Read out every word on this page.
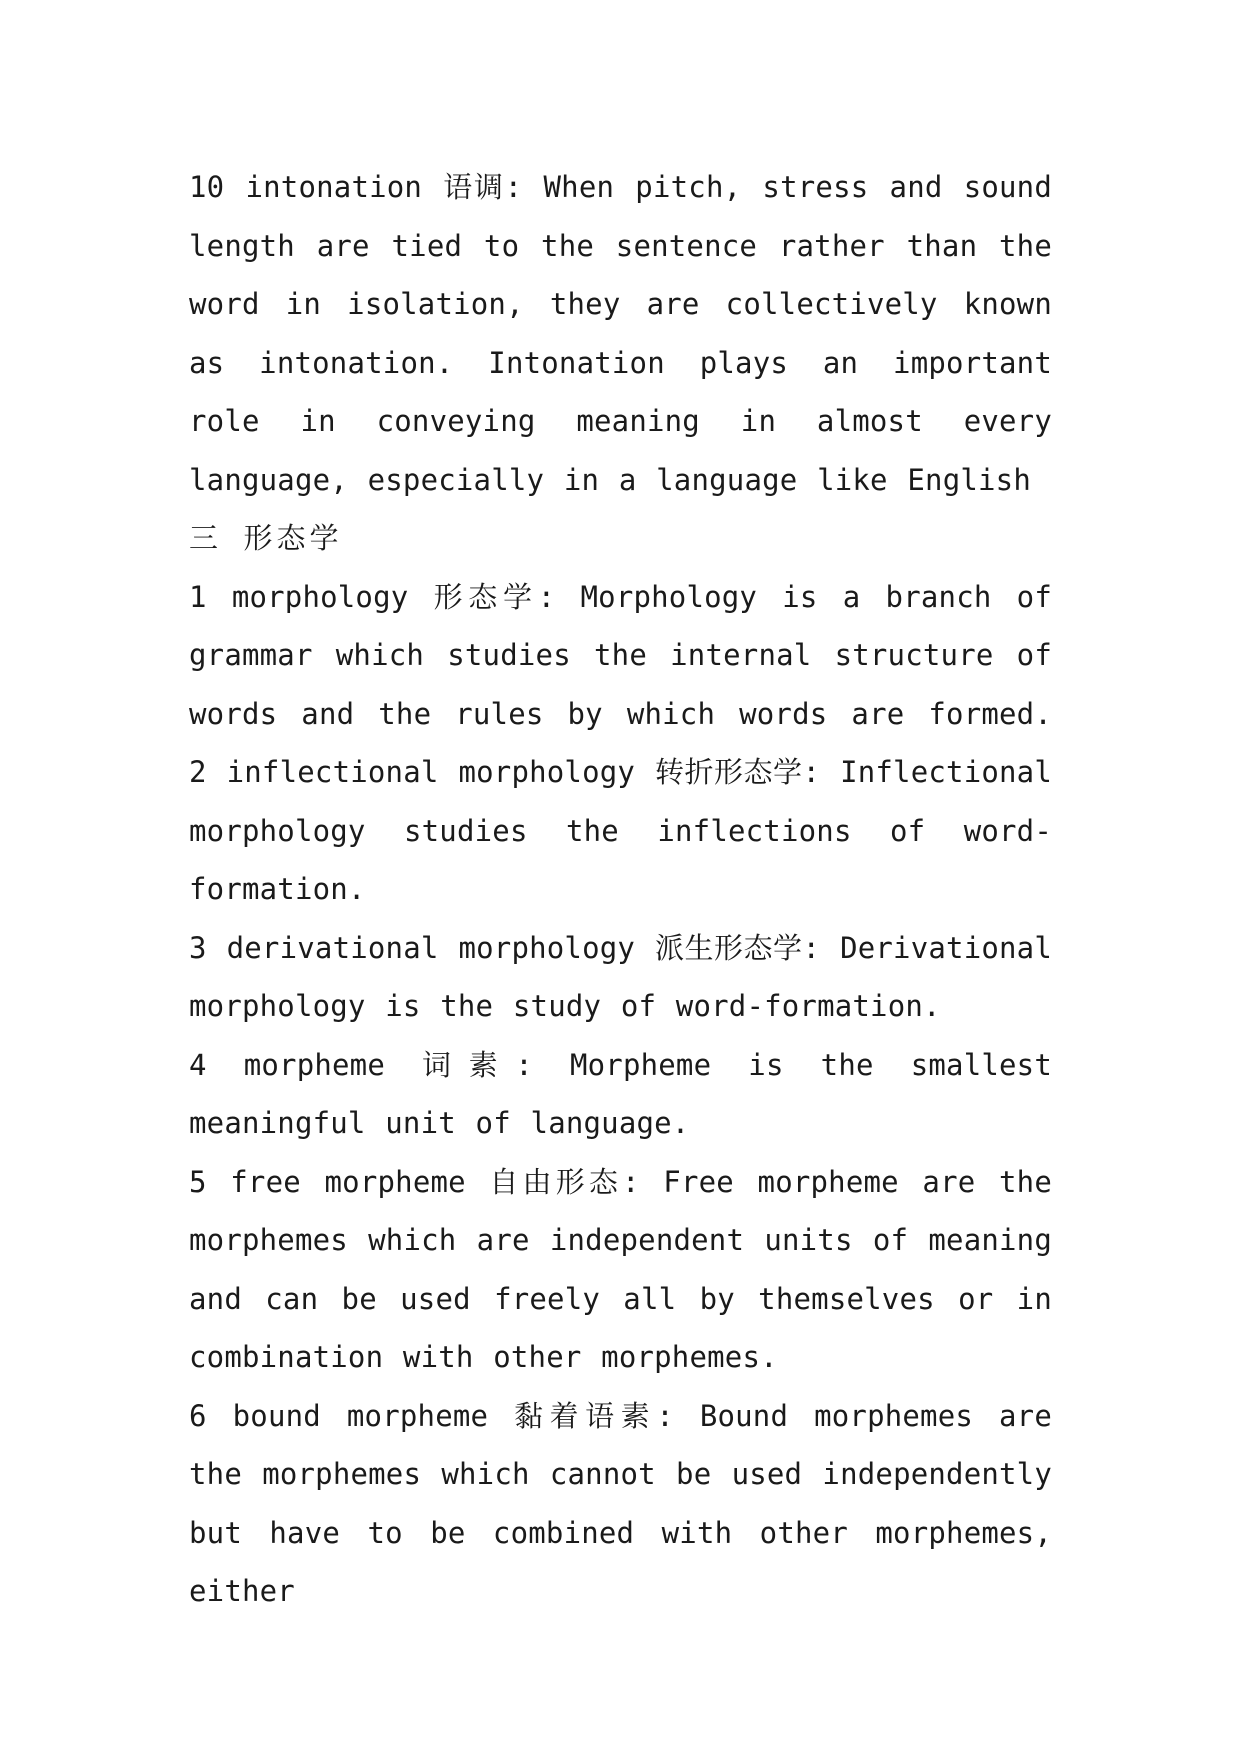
10 intonation 语调: When pitch, stress and sound length are tied to the sentence rather than the word in isolation, they are collectively known as intonation. Intonation plays an important role in conveying meaning in almost every language, especially in a language like English

三 形态学

1 morphology 形态学: Morphology is a branch of grammar which studies the internal structure of words and the rules by which words are formed. 2 inflectional morphology 转折形态学: Inflectional morphology studies the inflections of word-formation.

3 derivational morphology 派生形态学: Derivational morphology is the study of word-formation.

4 morpheme 词素: Morpheme is the smallest meaningful unit of language.

5 free morpheme 自由形态: Free morpheme are the morphemes which are independent units of meaning and can be used freely all by themselves or in combination with other morphemes.

6 bound morpheme 黏着语素: Bound morphemes are the morphemes which cannot be used independently but have to be combined with other morphemes, either
